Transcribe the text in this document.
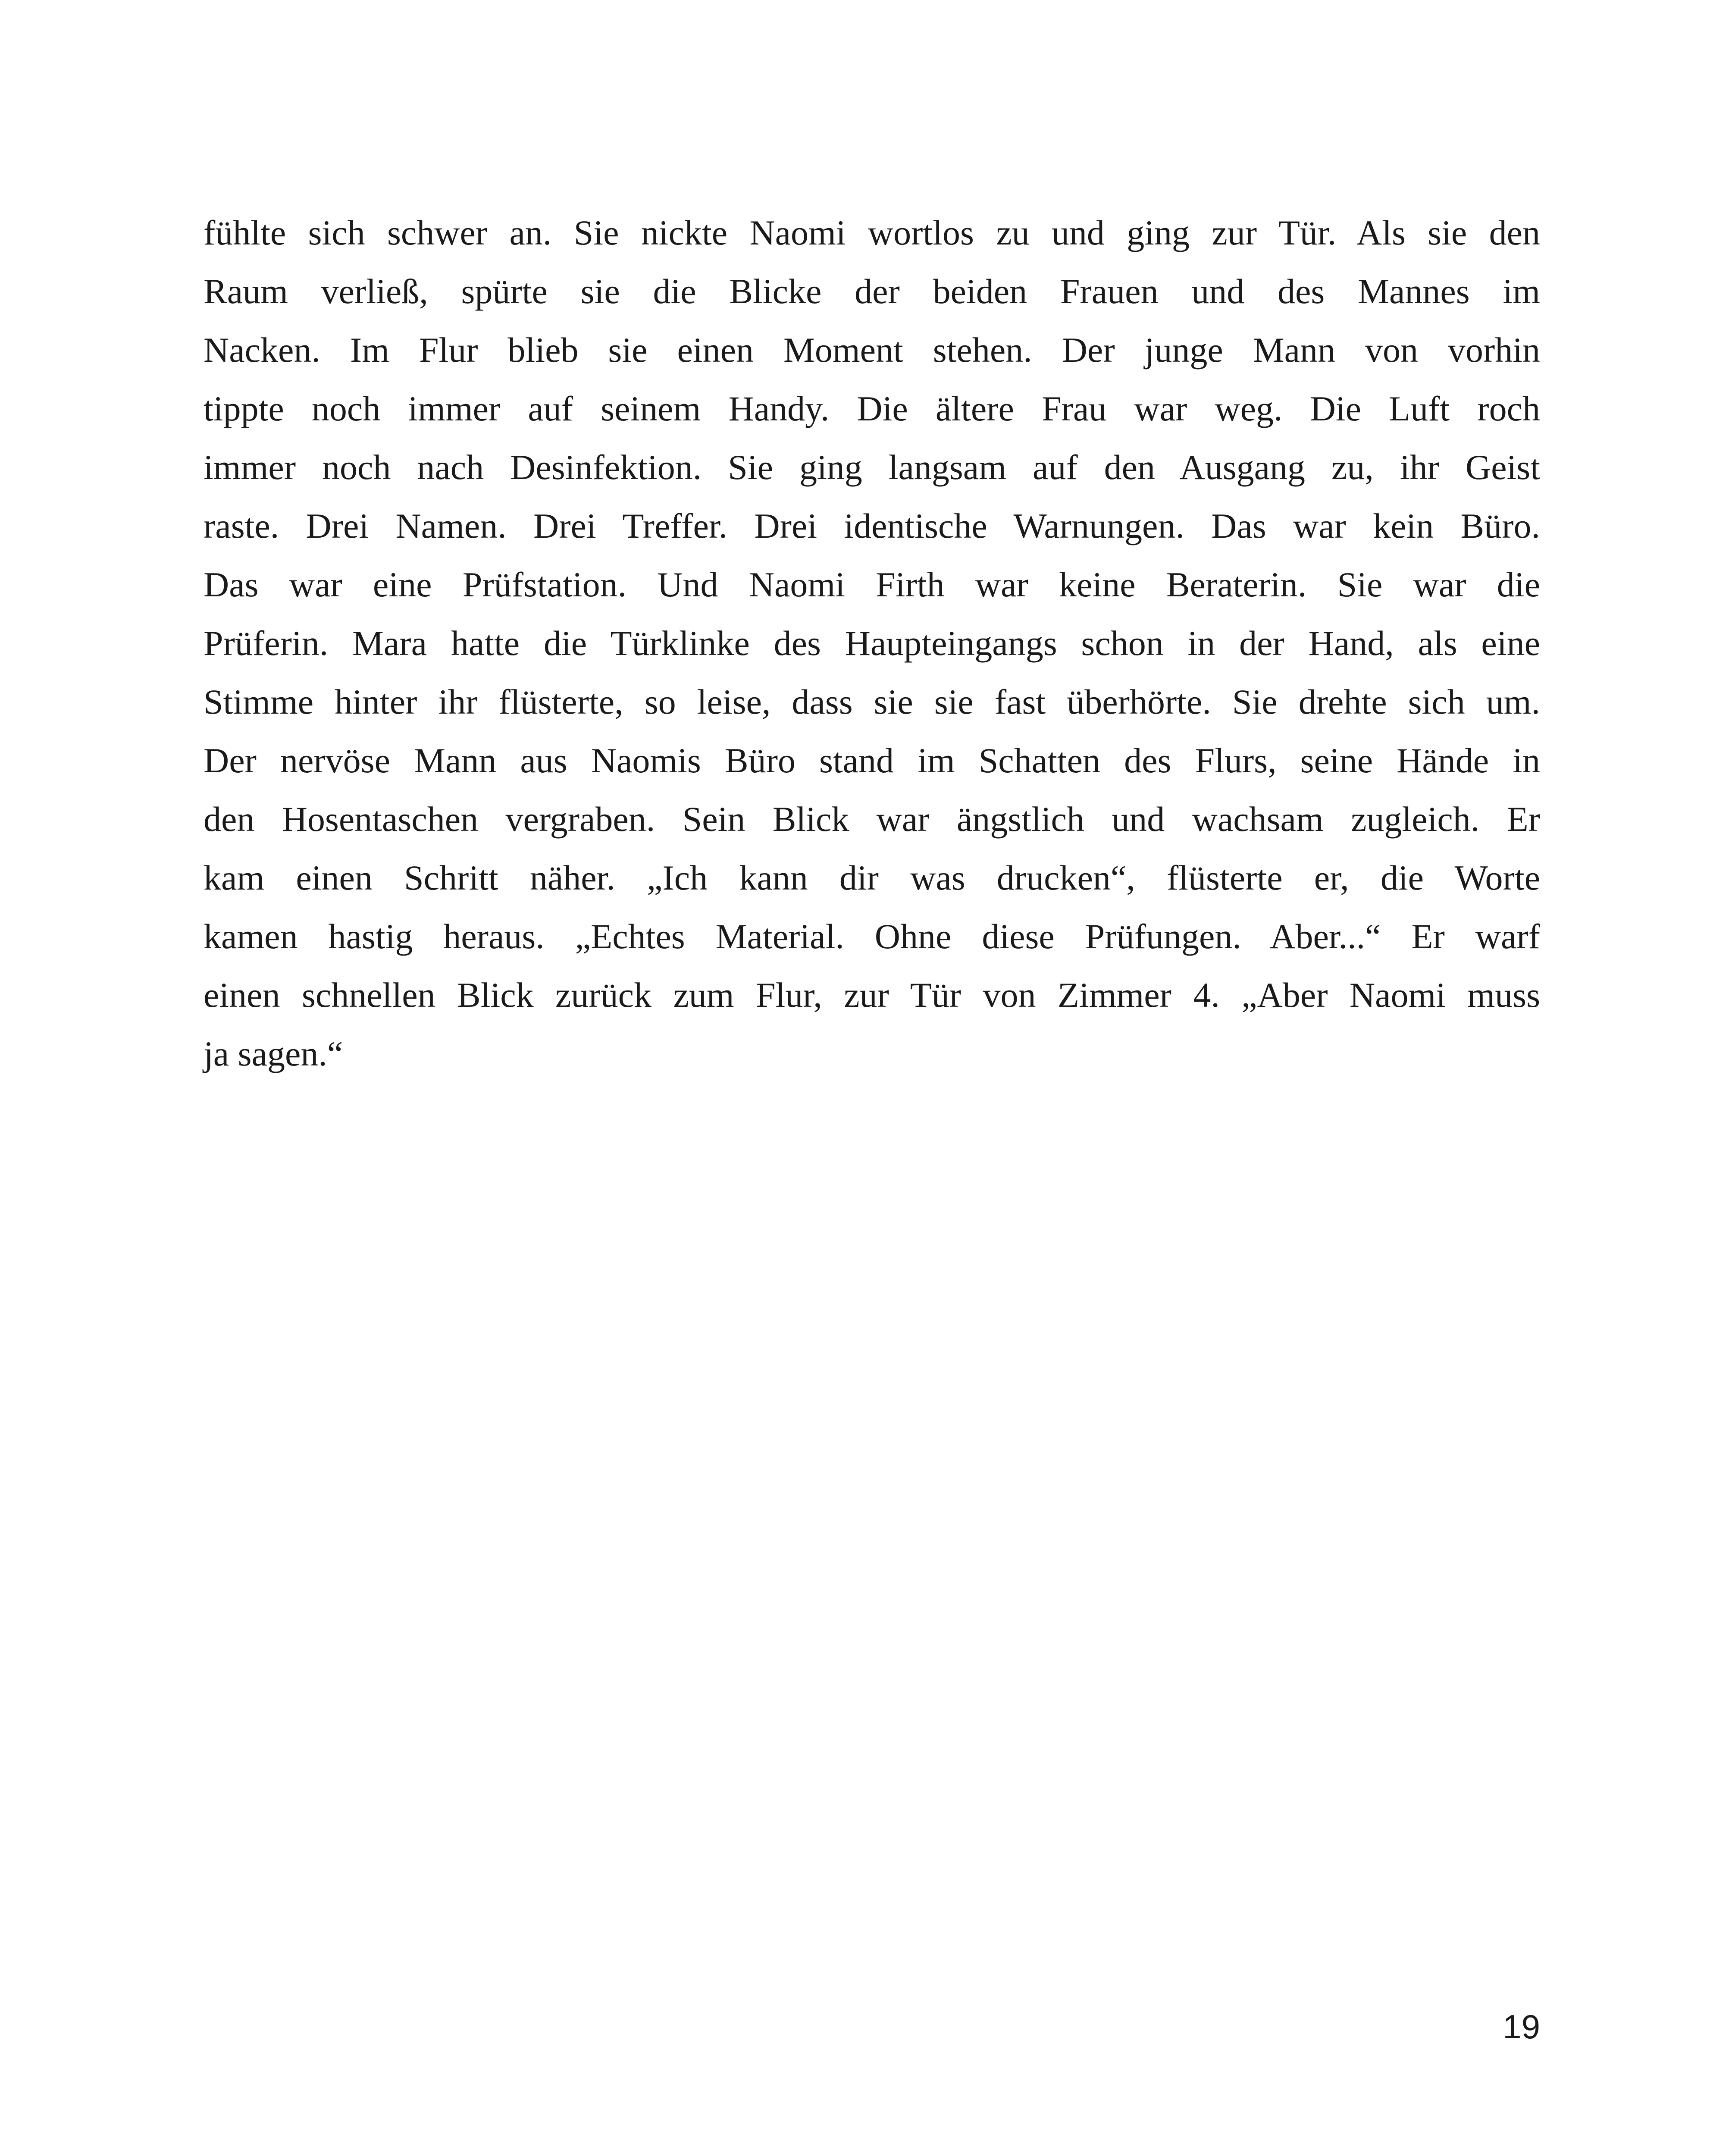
fühlte sich schwer an. Sie nickte Naomi wortlos zu und ging zur Tür. Als sie den
Raum verließ, spürte sie die Blicke der beiden Frauen und des Mannes im
Nacken. Im Flur blieb sie einen Moment stehen. Der junge Mann von vorhin
tippte noch immer auf seinem Handy. Die ältere Frau war weg. Die Luft roch
immer noch nach Desinfektion. Sie ging langsam auf den Ausgang zu, ihr Geist
raste. Drei Namen. Drei Treffer. Drei identische Warnungen. Das war kein Büro.
Das war eine Prüfstation. Und Naomi Firth war keine Beraterin. Sie war die
Prüferin. Mara hatte die Türklinke des Haupteingangs schon in der Hand, als eine
Stimme hinter ihr flüsterte, so leise, dass sie sie fast überhörte. Sie drehte sich um.
Der nervöse Mann aus Naomis Büro stand im Schatten des Flurs, seine Hände in
den Hosentaschen vergraben. Sein Blick war ängstlich und wachsam zugleich. Er
kam einen Schritt näher. „Ich kann dir was drucken“, flüsterte er, die Worte
kamen hastig heraus. „Echtes Material. Ohne diese Prüfungen. Aber...“ Er warf
einen schnellen Blick zurück zum Flur, zur Tür von Zimmer 4. „Aber Naomi muss
ja sagen.“
19
